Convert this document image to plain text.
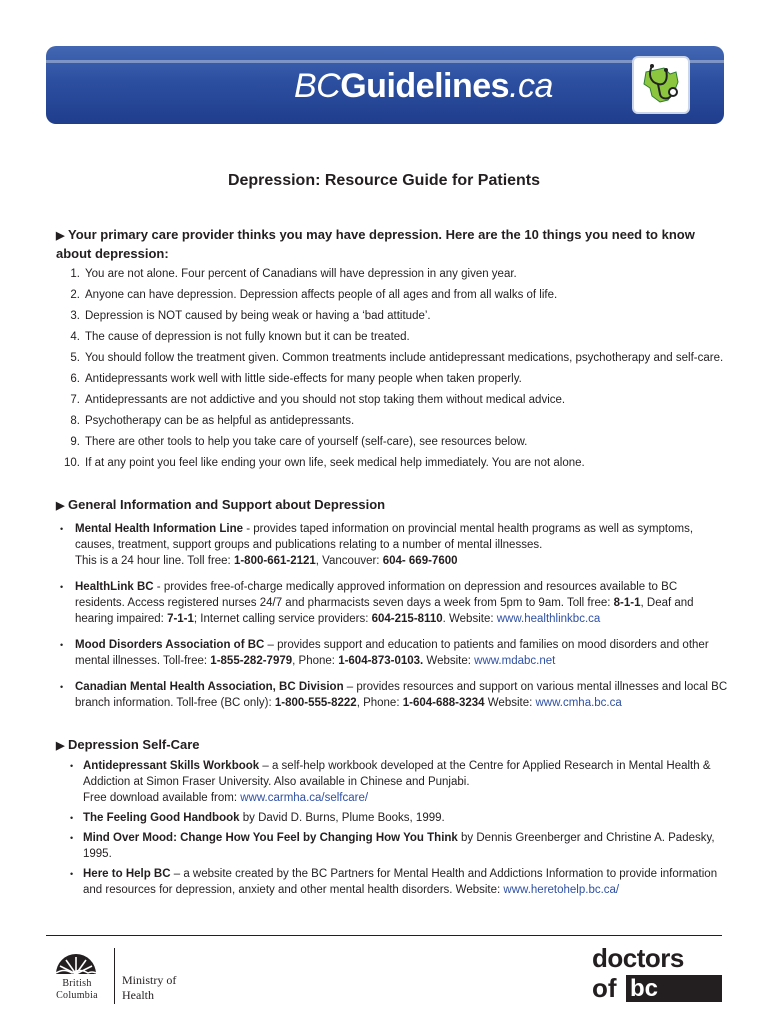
BCGuidelines.ca
Depression: Resource Guide for Patients
▶ Your primary care provider thinks you may have depression. Here are the 10 things you need to know about depression:
1. You are not alone. Four percent of Canadians will have depression in any given year.
2. Anyone can have depression. Depression affects people of all ages and from all walks of life.
3. Depression is NOT caused by being weak or having a ‘bad attitude’.
4. The cause of depression is not fully known but it can be treated.
5. You should follow the treatment given. Common treatments include antidepressant medications, psychotherapy and self-care.
6. Antidepressants work well with little side-effects for many people when taken properly.
7. Antidepressants are not addictive and you should not stop taking them without medical advice.
8. Psychotherapy can be as helpful as antidepressants.
9. There are other tools to help you take care of yourself (self-care), see resources below.
10. If at any point you feel like ending your own life, seek medical help immediately. You are not alone.
▶ General Information and Support about Depression
•	Mental Health Information Line - provides taped information on provincial mental health programs as well as symptoms, causes, treatment, support groups and publications relating to a number of mental illnesses.
This is a 24 hour line. Toll free: 1-800-661-2121, Vancouver: 604- 669-7600
•	HealthLink BC - provides free-of-charge medically approved information on depression and resources available to BC residents. Access registered nurses 24/7 and pharmacists seven days a week from 5pm to 9am. Toll free: 8-1-1, Deaf and hearing impaired: 7-1-1; Internet calling service providers: 604-215-8110. Website: www.healthlinkbc.ca
•	Mood Disorders Association of BC – provides support and education to patients and families on mood disorders and other mental illnesses. Toll-free: 1-855-282-7979, Phone: 1-604-873-0103. Website: www.mdabc.net
•	Canadian Mental Health Association, BC Division – provides resources and support on various mental illnesses and local BC branch information. Toll-free (BC only): 1-800-555-8222, Phone: 1-604-688-3234 Website: www.cmha.bc.ca
▶ Depression Self-Care
• Antidepressant Skills Workbook – a self-help workbook developed at the Centre for Applied Research in Mental Health & Addiction at Simon Fraser University. Also available in Chinese and Punjabi.
Free download available from: www.carmha.ca/selfcare/
• The Feeling Good Handbook by David D. Burns, Plume Books, 1999.
• Mind Over Mood: Change How You Feel by Changing How You Think by Dennis Greenberger and Christine A. Padesky, 1995.
• Here to Help BC – a website created by the BC Partners for Mental Health and Addictions Information to provide information and resources for depression, anxiety and other mental health disorders. Website: www.heretohelp.bc.ca/
British
Columbia
Ministry of
Health
doctors
of bc
